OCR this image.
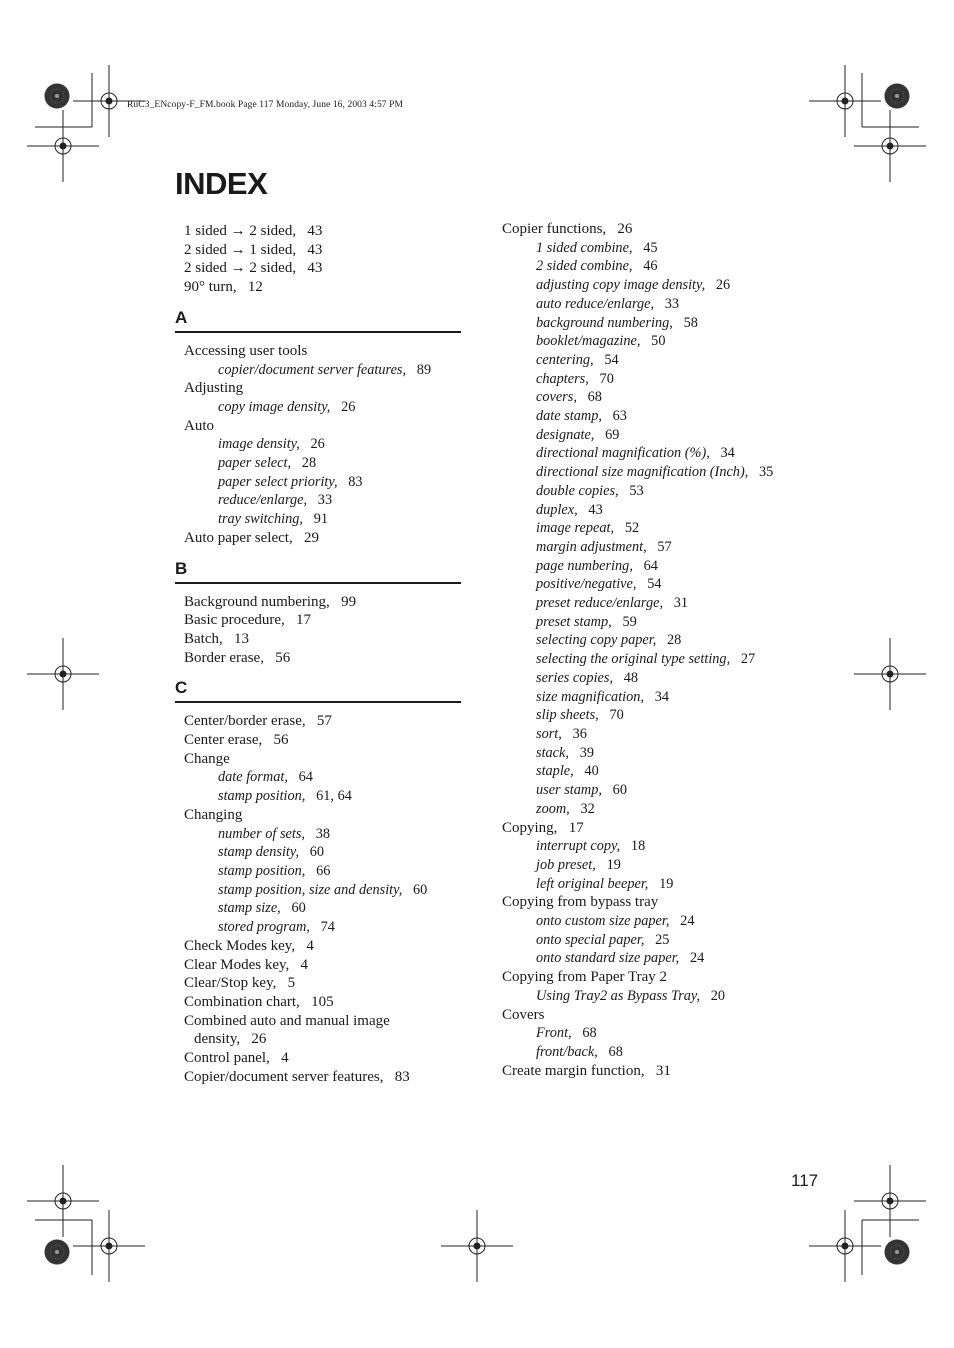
RuC3_ENcopy-F_FM.book Page 117 Monday, June 16, 2003 4:57 PM
INDEX
1 sided → 2 sided, 43
2 sided → 1 sided, 43
2 sided → 2 sided, 43
90° turn, 12
A
Accessing user tools
copier/document server features, 89
Adjusting
copy image density, 26
Auto
image density, 26
paper select, 28
paper select priority, 83
reduce/enlarge, 33
tray switching, 91
Auto paper select, 29
B
Background numbering, 99
Basic procedure, 17
Batch, 13
Border erase, 56
C
Center/border erase, 57
Center erase, 56
Change
date format, 64
stamp position, 61, 64
Changing
number of sets, 38
stamp density, 60
stamp position, 66
stamp position, size and density, 60
stamp size, 60
stored program, 74
Check Modes key, 4
Clear Modes key, 4
Clear/Stop key, 5
Combination chart, 105
Combined auto and manual image
density, 26
Control panel, 4
Copier/document server features, 83
Copier functions, 26
1 sided combine, 45
2 sided combine, 46
adjusting copy image density, 26
auto reduce/enlarge, 33
background numbering, 58
booklet/magazine, 50
centering, 54
chapters, 70
covers, 68
date stamp, 63
designate, 69
directional magnification (%), 34
directional size magnification (Inch), 35
double copies, 53
duplex, 43
image repeat, 52
margin adjustment, 57
page numbering, 64
positive/negative, 54
preset reduce/enlarge, 31
preset stamp, 59
selecting copy paper, 28
selecting the original type setting, 27
series copies, 48
size magnification, 34
slip sheets, 70
sort, 36
stack, 39
staple, 40
user stamp, 60
zoom, 32
Copying, 17
interrupt copy, 18
job preset, 19
left original beeper, 19
Copying from bypass tray
onto custom size paper, 24
onto special paper, 25
onto standard size paper, 24
Copying from Paper Tray 2
Using Tray2 as Bypass Tray, 20
Covers
Front, 68
front/back, 68
Create margin function, 31
117
